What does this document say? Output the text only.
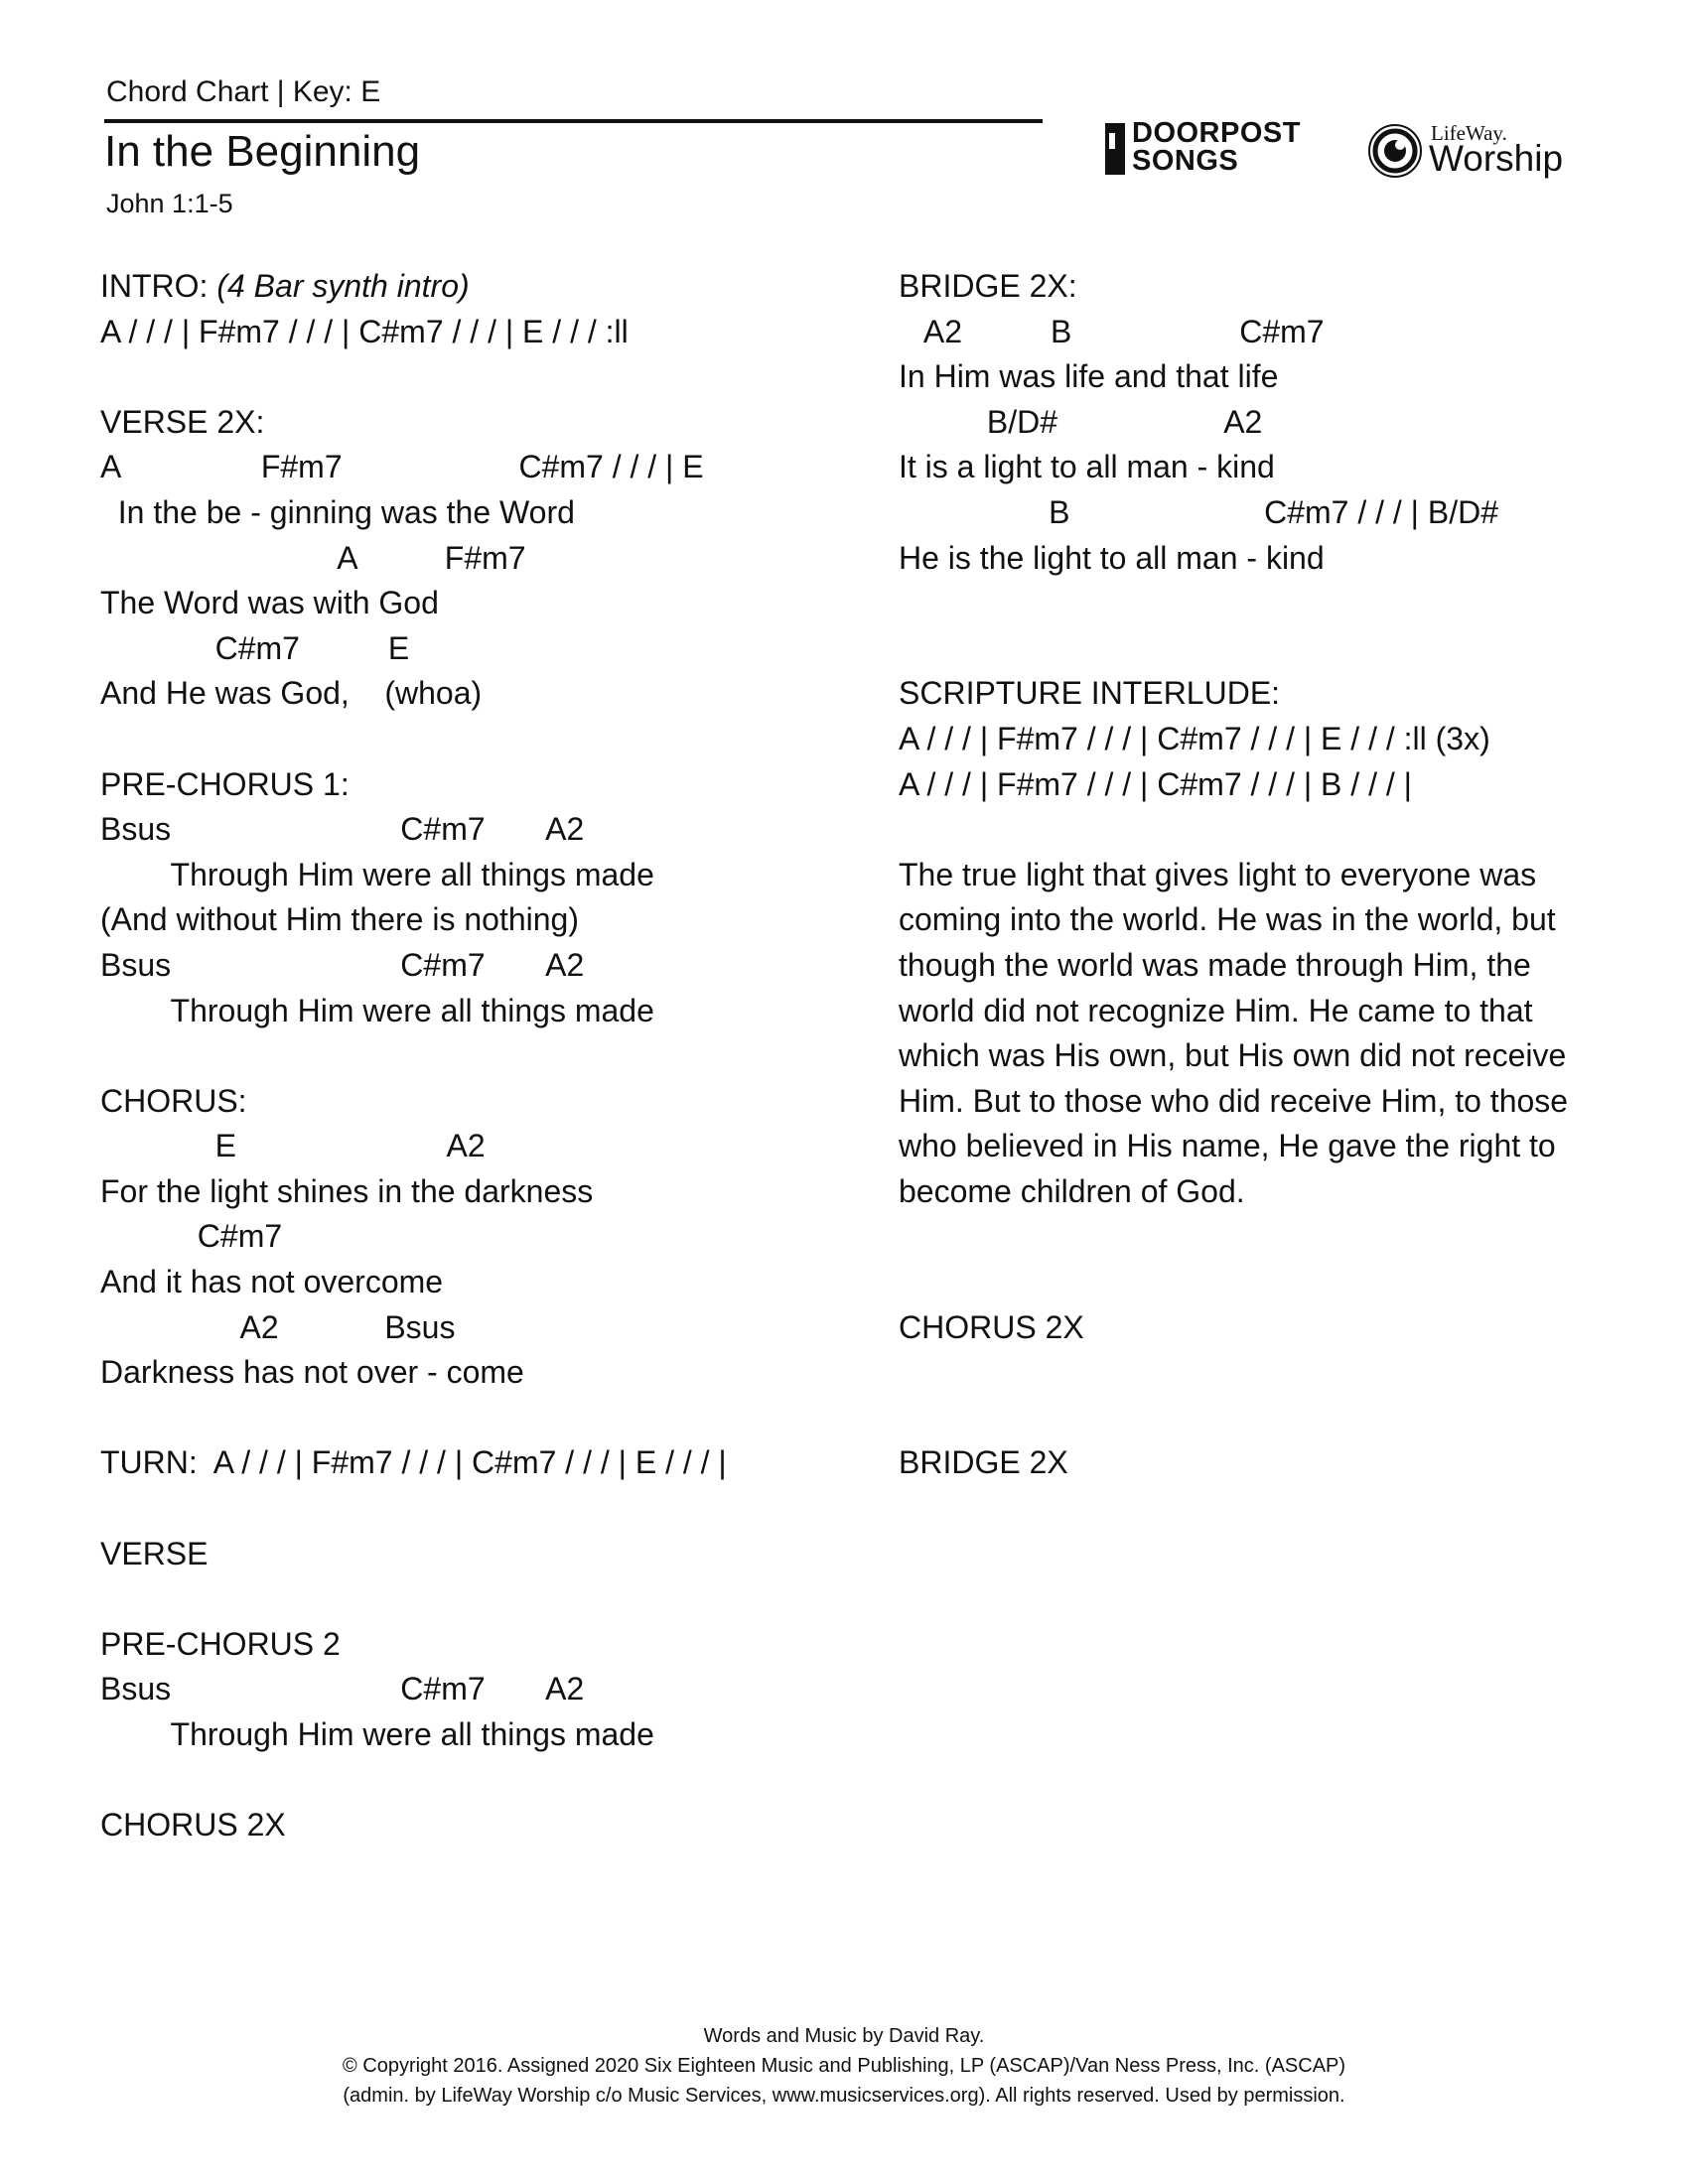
Chord Chart | Key: E
In the Beginning
John 1:1-5
DOORPOST
SONGS
LifeWay.
Worship
INTRO: (4 Bar synth intro)
A / / / | F#m7 / / / | C#m7 / / / | E / / / :ll
VERSE 2X:
A                F#m7                    C#m7 / / / | E
In the be - ginning was the Word
A          F#m7
The Word was with God
C#m7          E
And He was God,    (whoa)
PRE-CHORUS 1:
Bsus                          C#m7       A2
Through Him were all things made
(And without Him there is nothing)
Bsus                          C#m7       A2
Through Him were all things made
CHORUS:
E                        A2
For the light shines in the darkness
C#m7
And it has not overcome
A2            Bsus
Darkness has not over - come
TURN:  A / / / | F#m7 / / / | C#m7 / / / | E / / / |
VERSE
PRE-CHORUS 2
Bsus                          C#m7       A2
Through Him were all things made
CHORUS 2X
BRIDGE 2X:
A2          B                   C#m7
In Him was life and that life
B/D#                   A2
It is a light to all man - kind
B                      C#m7 / / / | B/D#
He is the light to all man - kind
SCRIPTURE INTERLUDE:
A / / / | F#m7 / / / | C#m7 / / / | E / / / :ll (3x)
A / / / | F#m7 / / / | C#m7 / / / | B / / / |
The true light that gives light to everyone was coming into the world. He was in the world, but though the world was made through Him, the world did not recognize Him. He came to that which was His own, but His own did not receive Him. But to those who did receive Him, to those who believed in His name, He gave the right to become children of God.
CHORUS 2X
BRIDGE 2X
Words and Music by David Ray.
© Copyright 2016. Assigned 2020 Six Eighteen Music and Publishing, LP (ASCAP)/Van Ness Press, Inc. (ASCAP)
(admin. by LifeWay Worship c/o Music Services, www.musicservices.org). All rights reserved. Used by permission.
